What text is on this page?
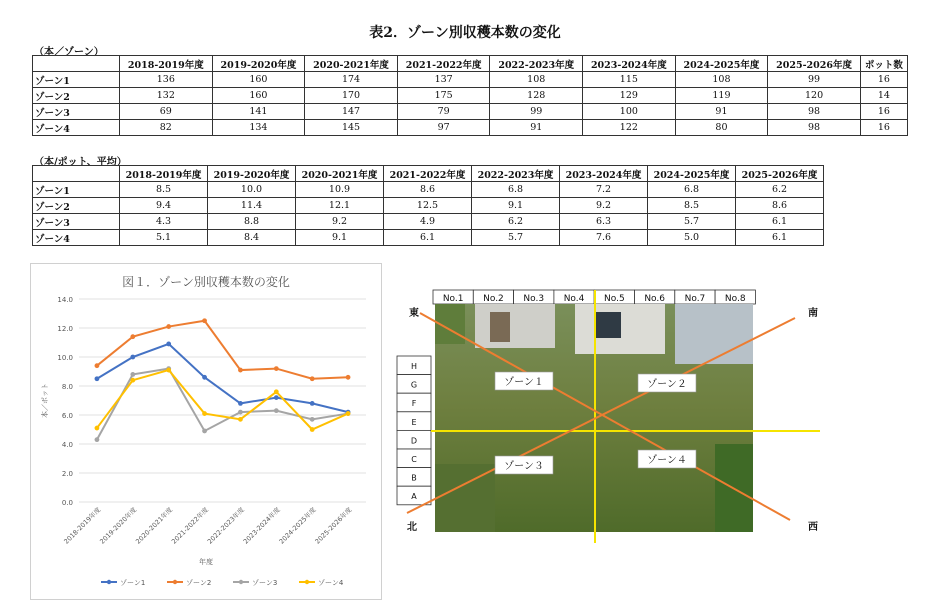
表2．ゾーン別収穫本数の変化
（本／ゾーン）
	2018-2019年度	2019-2020年度	2020-2021年度	2021-2022年度	2022-2023年度	2023-2024年度	2024-2025年度	2025-2026年度	ポット数
ゾーン1	136	160	174	137	108	115	108	99	16
ゾーン2	132	160	170	175	128	129	119	120	14
ゾーン3	69	141	147	79	99	100	91	98	16
ゾーン4	82	134	145	97	91	122	80	98	16
（本/ポット、平均）
	2018-2019年度	2019-2020年度	2020-2021年度	2021-2022年度	2022-2023年度	2023-2024年度	2024-2025年度	2025-2026年度
ゾーン1	8.5	10.0	10.9	8.6	6.8	7.2	6.8	6.2
ゾーン2	9.4	11.4	12.1	12.5	9.1	9.2	8.5	8.6
ゾーン3	4.3	8.8	9.2	4.9	6.2	6.3	5.7	6.1
ゾーン4	5.1	8.4	9.1	6.1	5.7	7.6	5.0	6.1
図１．ゾーン別収穫本数の変化
0.0
2.0
4.0
6.0
8.0
10.0
12.0
14.0
2018-2019年度
2019-2020年度
2020-2021年度
2021-2022年度
2022-2023年度
2023-2024年度
2024-2025年度
2025-2026年度
年度
本／ポット
ゾーン1	ゾーン2	ゾーン3	ゾーン4
No.1 No.2 No.3 No.4 No.5 No.6 No.7 No.8
H
G
F
E
D
C
B
A
東	南
北	西
ゾーン１	ゾーン２
ゾーン３
ゾーン４
